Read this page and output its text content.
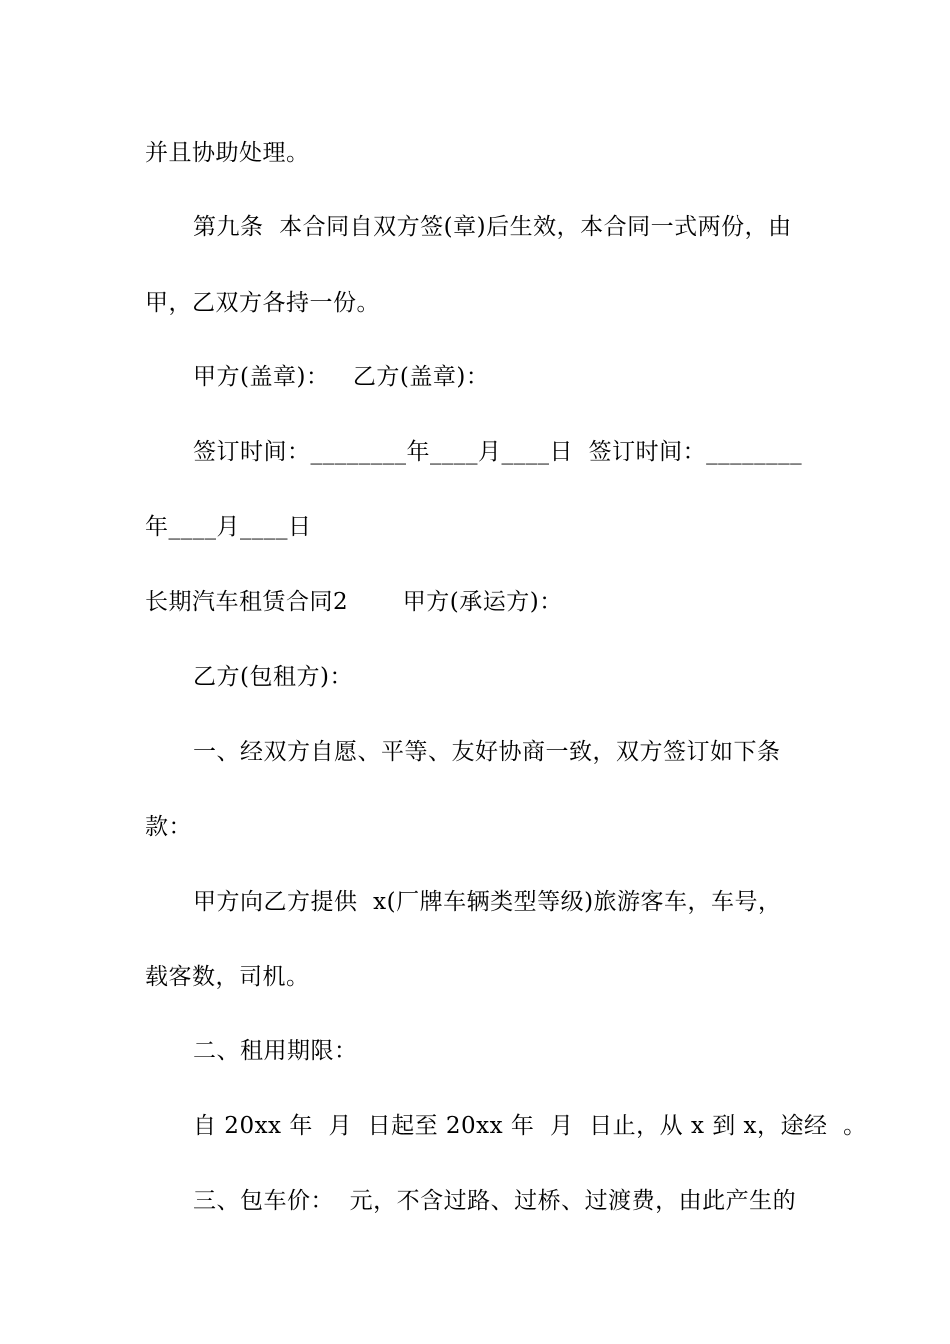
并且协助处理。
第九条  本合同自双方签(章)后生效，本合同一式两份，由
甲，乙双方各持一份。
甲方(盖章)：   乙方(盖章)：
签订时间：________年____月____日  签订时间：________
年____月____日
长期汽车租赁合同2       甲方(承运方)：
乙方(包租方)：
一、经双方自愿、平等、友好协商一致，双方签订如下条
款：
甲方向乙方提供  x(厂牌车辆类型等级)旅游客车，车号，
载客数，司机。
二、租用期限：
自 20xx 年  月  日起至 20xx 年  月  日止，从 x 到 x，途经  。
三、包车价：  元，不含过路、过桥、过渡费，由此产生的
